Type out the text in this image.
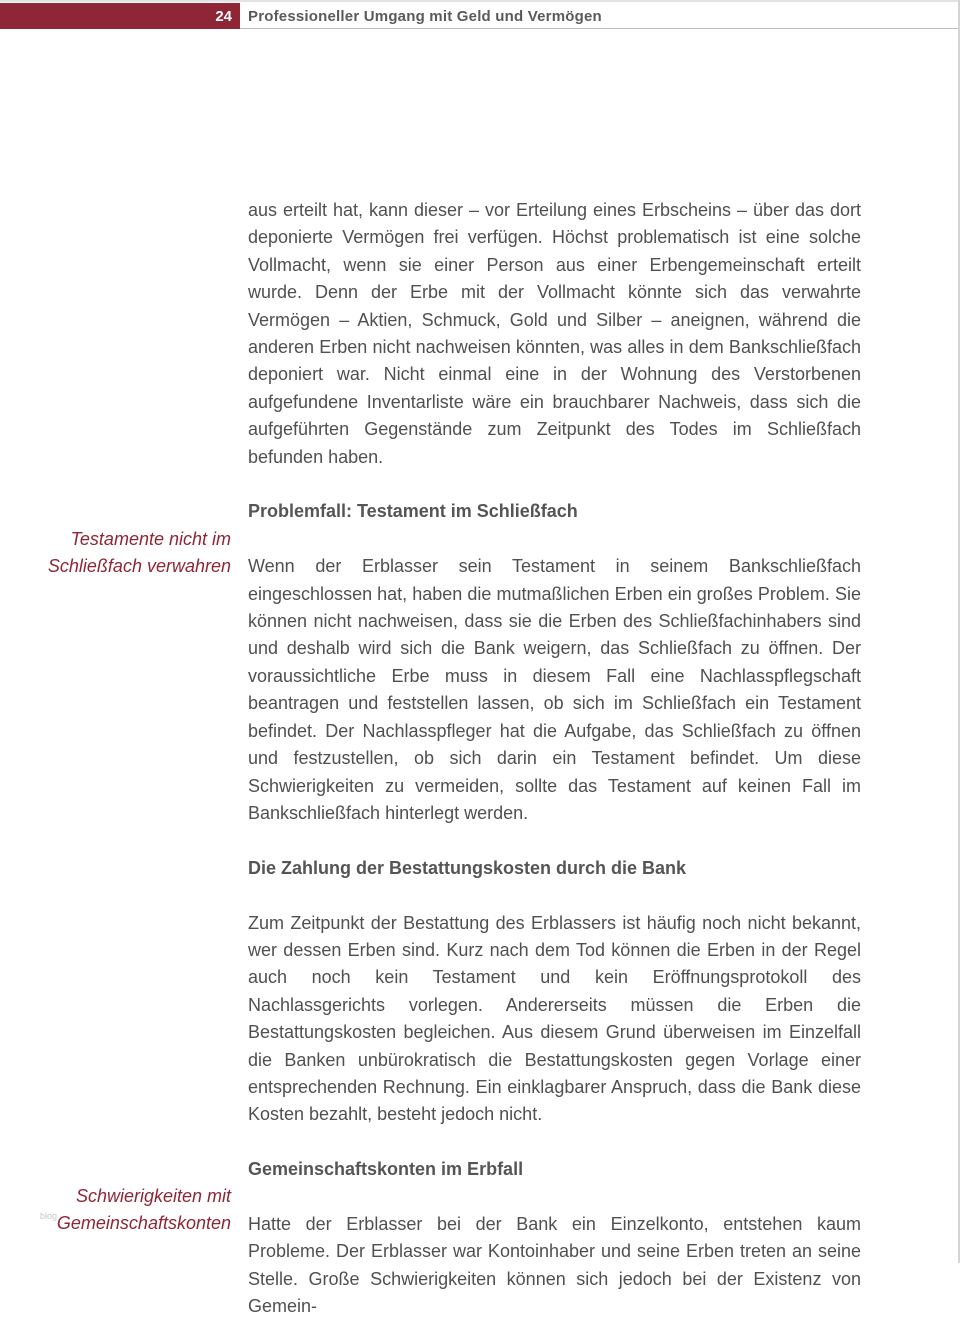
24	Professioneller Umgang mit Geld und Vermögen

aus erteilt hat, kann dieser – vor Erteilung eines Erbscheins – über das dort deponierte Vermögen frei verfügen. Höchst problematisch ist eine solche Vollmacht, wenn sie einer Person aus einer Erbengemeinschaft erteilt wurde. Denn der Erbe mit der Vollmacht könnte sich das verwahrte Vermögen – Aktien, Schmuck, Gold und Silber – aneignen, während die anderen Erben nicht nachweisen könnten, was alles in dem Bankschließfach deponiert war. Nicht einmal eine in der Wohnung des Verstorbenen aufgefundene Inventarliste wäre ein brauchbarer Nachweis, dass sich die aufgeführten Gegenstände zum Zeitpunkt des Todes im Schließfach befunden haben.

Problemfall: Testament im Schließfach

Wenn der Erblasser sein Testament in seinem Bankschließfach eingeschlossen hat, haben die mutmaßlichen Erben ein großes Problem. Sie können nicht nachweisen, dass sie die Erben des Schließfachinhabers sind und deshalb wird sich die Bank weigern, das Schließfach zu öffnen. Der voraussichtliche Erbe muss in diesem Fall eine Nachlasspflegschaft beantragen und feststellen lassen, ob sich im Schließfach ein Testament befindet. Der Nachlasspfleger hat die Aufgabe, das Schließfach zu öffnen und festzustellen, ob sich darin ein Testament befindet. Um diese Schwierigkeiten zu vermeiden, sollte das Testament auf keinen Fall im Bankschließfach hinterlegt werden.

Die Zahlung der Bestattungskosten durch die Bank

Zum Zeitpunkt der Bestattung des Erblassers ist häufig noch nicht bekannt, wer dessen Erben sind. Kurz nach dem Tod können die Erben in der Regel auch noch kein Testament und kein Eröffnungsprotokoll des Nachlassgerichts vorlegen. Andererseits müssen die Erben die Bestattungskosten begleichen. Aus diesem Grund überweisen im Einzelfall die Banken unbürokratisch die Bestattungskosten gegen Vorlage einer entsprechenden Rechnung. Ein einklagbarer Anspruch, dass die Bank diese Kosten bezahlt, besteht jedoch nicht.

Gemeinschaftskonten im Erbfall

Hatte der Erblasser bei der Bank ein Einzelkonto, entstehen kaum Probleme. Der Erblasser war Kontoinhaber und seine Erben treten an seine Stelle. Große Schwierigkeiten können sich jedoch bei der Existenz von Gemein-

Testamente nicht im
Schließfach verwahren
Schwierigkeiten mit
Gemeinschaftskonten
blog
